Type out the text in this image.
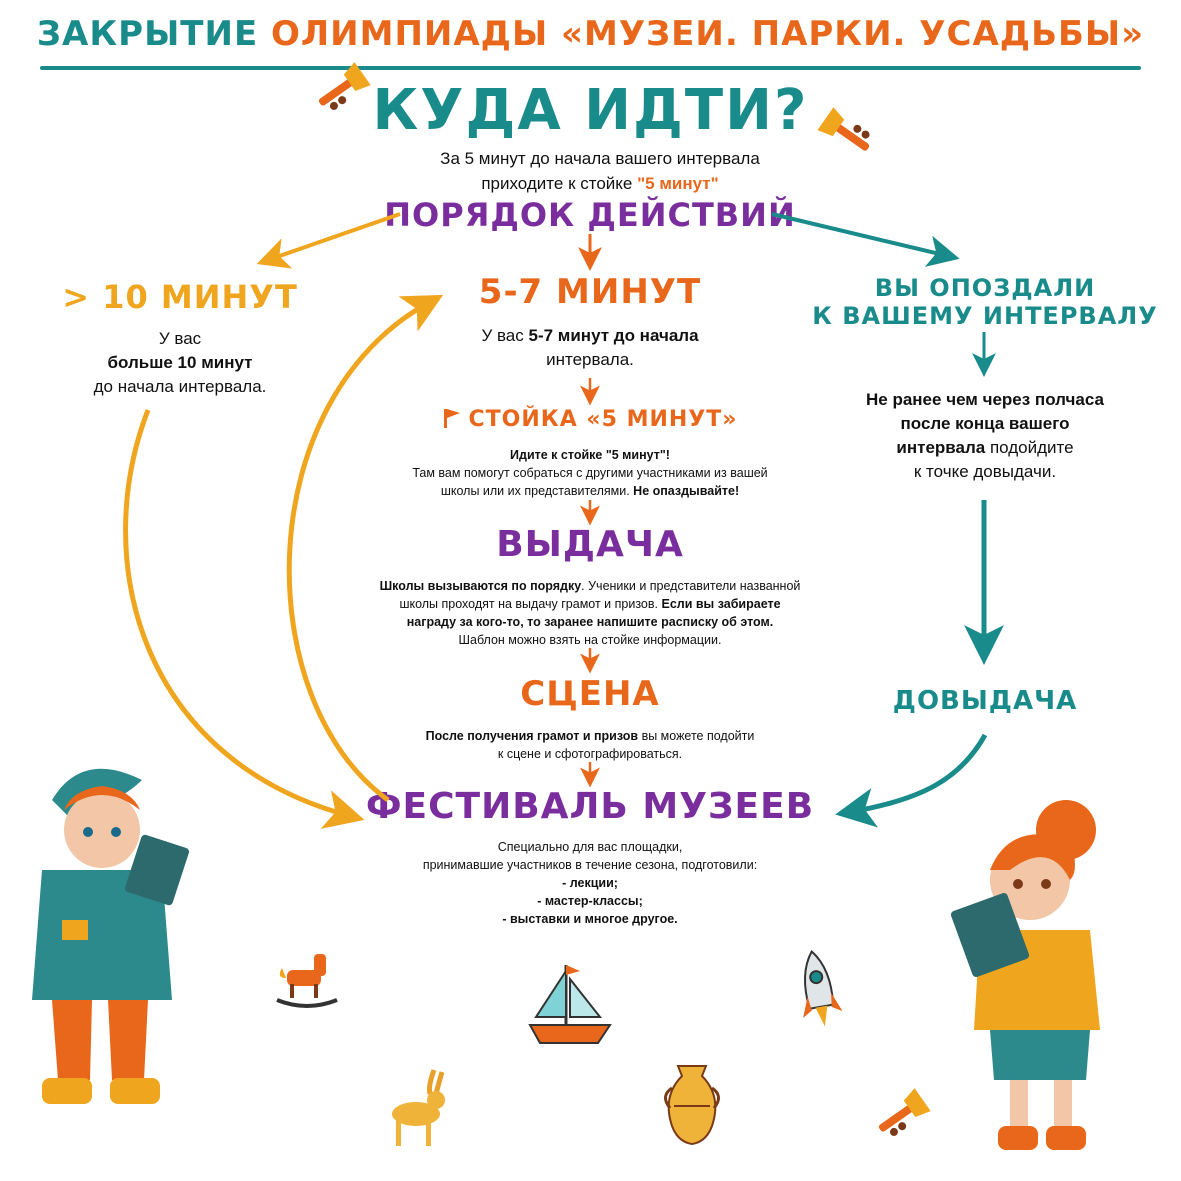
ЗАКРЫТИЕ ОЛИМПИАДЫ «МУЗЕИ. ПАРКИ. УСАДЬБЫ»
КУДА ИДТИ?
За 5 минут до начала вашего интервала
приходите к стойке "5 минут"
ПОРЯДОК ДЕЙСТВИЙ
> 10 МИНУТ
У вас
больше 10 минут
до начала интервала.
5-7 МИНУТ
У вас 5-7 минут до начала
интервала.
СТОЙКА «5 МИНУТ»
Идите к стойке "5 минут"!
Там вам помогут собраться с другими участниками из вашей
школы или их представителями. Не опаздывайте!
ВЫДАЧА
Школы вызываются по порядку. Ученики и представители названной
школы проходят на выдачу грамот и призов. Если вы забираете
награду за кого-то, то заранее напишите расписку об этом.
Шаблон можно взять на стойке информации.
СЦЕНА
После получения грамот и призов вы можете подойти
к сцене и сфотографироваться.
ФЕСТИВАЛЬ МУЗЕЕВ
Специально для вас площадки,
принимавшие участников в течение сезона, подготовили:
- лекции;
- мастер-классы;
- выставки и многое другое.
ВЫ ОПОЗДАЛИ
К ВАШЕМУ ИНТЕРВАЛУ
Не ранее чем через полчаса
после конца вашего
интервала подойдите
к точке довыдачи.
ДОВЫДАЧА
